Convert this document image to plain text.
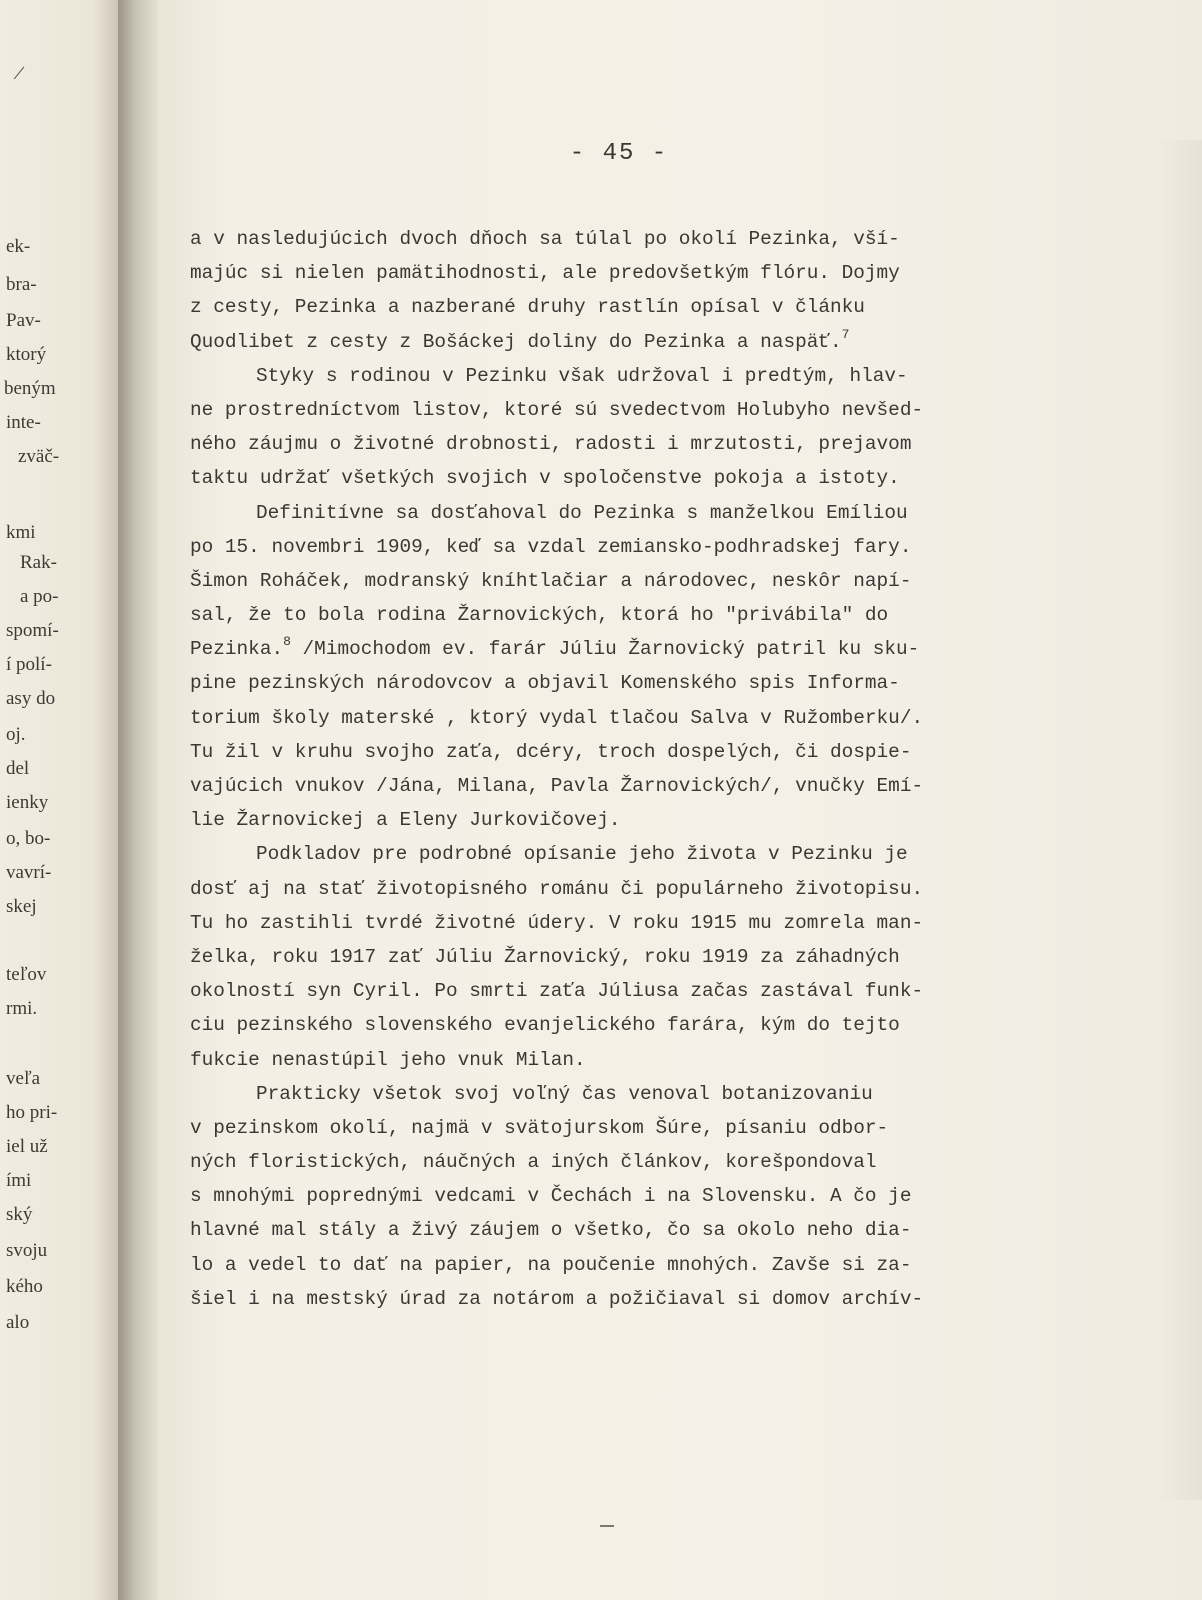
ek-
bra-
Pav-
ktorý
beným
inte-
zväč-
kmi
Rak-
a po-
spomí-
í polí-
asy do
oj.
del
ienky
o, bo-
vavrí-
skej
teľov
rmi.
veľa
ho pri-
iel už
ími
ský
svoju
kého
alo
/
- 45 -
a v nasledujúcich dvoch dňoch sa túlal po okolí Pezinka, vší-
majúc si nielen pamätihodnosti, ale predovšetkým flóru. Dojmy
z cesty, Pezinka a nazberané druhy rastlín opísal v článku
Quodlibet z cesty z Bošáckej doliny do Pezinka a naspäť.$^7$
Styky s rodinou v Pezinku však udržoval i predtým, hlav-
ne prostredníctvom listov, ktoré sú svedectvom Holubyho nevšed-
ného záujmu o životné drobnosti, radosti i mrzutosti, prejavom
taktu udržať všetkých svojich v spoločenstve pokoja a istoty.
Definitívne sa dosťahoval do Pezinka s manželkou Emíliou
po 15. novembri 1909, keď sa vzdal zemiansko-podhradskej fary.
Šimon Roháček, modranský kníhtlačiar a národovec, neskôr napí-
sal, že to bola rodina Žarnovických, ktorá ho "privábila" do
Pezinka.$^8$ /Mimochodom ev. farár Júliu Žarnovický patril ku sku-
pine pezinských národovcov a objavil Komenského spis Informa-
torium školy materské , ktorý vydal tlačou Salva v Ružomberku/.
Tu žil v kruhu svojho zaťa, dcéry, troch dospelých, či dospie-
vajúcich vnukov /Jána, Milana, Pavla Žarnovických/, vnučky Emí-
lie Žarnovickej a Eleny Jurkovičovej.
Podkladov pre podrobné opísanie jeho života v Pezinku je
dosť aj na stať životopisného románu či populárneho životopisu.
Tu ho zastihli tvrdé životné údery. V roku 1915 mu zomrela man-
želka, roku 1917 zať Júliu Žarnovický, roku 1919 za záhadných
okolností syn Cyril. Po smrti zaťa Júliusa začas zastával funk-
ciu pezinského slovenského evanjelického farára, kým do tejto
fukcie nenastúpil jeho vnuk Milan.
Prakticky všetok svoj voľný čas venoval botanizovaniu
v pezinskom okolí, najmä v svätojurskom Šúre, písaniu odbor-
ných floristických, náučných a iných článkov, korešpondoval
s mnohými poprednými vedcami v Čechách i na Slovensku. A čo je
hlavné mal stály a živý záujem o všetko, čo sa okolo neho dia-
lo a vedel to dať na papier, na poučenie mnohých. Zavše si za-
šiel i na mestský úrad za notárom a požičiaval si domov archív-
